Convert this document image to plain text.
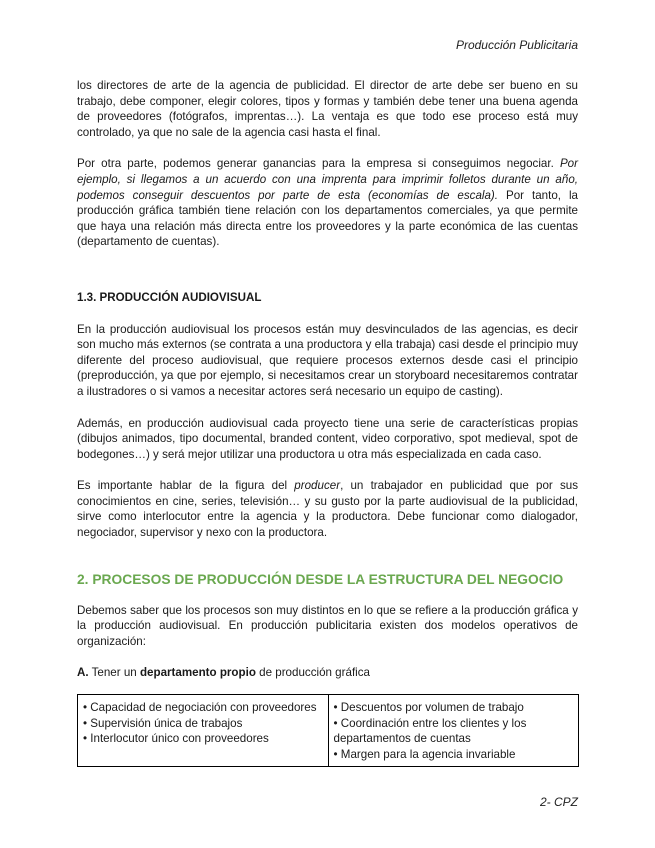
Producción Publicitaria

los directores de arte de la agencia de publicidad. El director de arte debe ser bueno en su trabajo, debe componer, elegir colores, tipos y formas y también debe tener una buena agenda de proveedores (fotógrafos, imprentas…). La ventaja es que todo ese proceso está muy controlado, ya que no sale de la agencia casi hasta el final.

Por otra parte, podemos generar ganancias para la empresa si conseguimos negociar. Por ejemplo, si llegamos a un acuerdo con una imprenta para imprimir folletos durante un año, podemos conseguir descuentos por parte de esta (economías de escala). Por tanto, la producción gráfica también tiene relación con los departamentos comerciales, ya que permite que haya una relación más directa entre los proveedores y la parte económica de las cuentas (departamento de cuentas).

1.3. PRODUCCIÓN AUDIOVISUAL

En la producción audiovisual los procesos están muy desvinculados de las agencias, es decir son mucho más externos (se contrata a una productora y ella trabaja) casi desde el principio muy diferente del proceso audiovisual, que requiere procesos externos desde casi el principio (preproducción, ya que por ejemplo, si necesitamos crear un storyboard necesitaremos contratar a ilustradores o si vamos a necesitar actores será necesario un equipo de casting).

Además, en producción audiovisual cada proyecto tiene una serie de características propias (dibujos animados, tipo documental, branded content, video corporativo, spot medieval, spot de bodegones…) y será mejor utilizar una productora u otra más especializada en cada caso.

Es importante hablar de la figura del producer, un trabajador en publicidad que por sus conocimientos en cine, series, televisión… y su gusto por la parte audiovisual de la publicidad, sirve como interlocutor entre la agencia y la productora. Debe funcionar como dialogador, negociador, supervisor y nexo con la productora.

2. PROCESOS DE PRODUCCIÓN DESDE LA ESTRUCTURA DEL NEGOCIO

Debemos saber que los procesos son muy distintos en lo que se refiere a la producción gráfica y la producción audiovisual. En producción publicitaria existen dos modelos operativos de organización:

A. Tener un departamento propio de producción gráfica

• Capacidad de negociación con proveedores
• Supervisión única de trabajos
• Interlocutor único con proveedores

• Descuentos por volumen de trabajo
• Coordinación entre los clientes y los departamentos de cuentas
• Margen para la agencia invariable
2- CPZ
